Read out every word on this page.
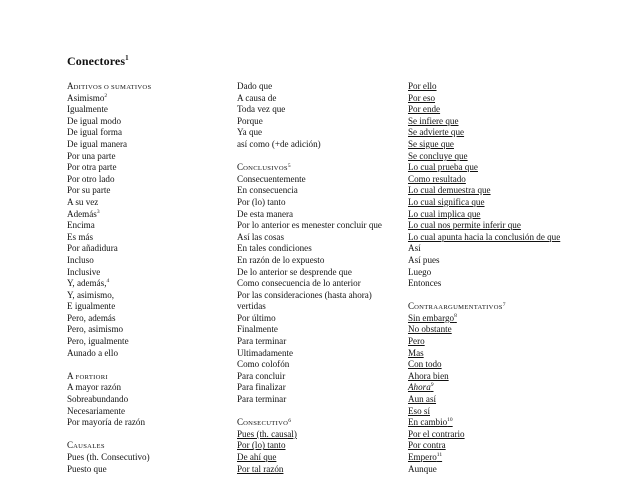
Conectores$^1$
ADITIVOS O SUMATIVOS
Asimismo$^2$
Igualmente
De igual modo
De igual forma
De igual manera
Por una parte
Por otra parte
Por otro lado
Por su parte
A su vez
Además$^3$
Encima
Es más
Por añadidura
Incluso
Inclusive
Y, además,$^4$
Y, asimismo,
E igualmente
Pero, además
Pero, asimismo
Pero, igualmente
Aunado a ello
A FORTIORI
A mayor razón
Sobreabundando
Necesariamente
Por mayoría de razón
CAUSALES
Pues (th. Consecutivo)
Puesto que
Dado que
A causa de
Toda vez que
Porque
Ya que
así como (+de adición)
CONCLUSIVOS$^5$
Consecuentemente
En consecuencia
Por (lo) tanto
De esta manera
Por lo anterior es menester concluir que
Así las cosas
En tales condiciones
En razón de lo expuesto
De lo anterior se desprende que
Como consecuencia de lo anterior
Por las consideraciones (hasta ahora)
vertidas
Por último
Finalmente
Para terminar
Ultimadamente
Como colofón
Para concluir
Para finalizar
Para terminar
CONSECUTIVO$^6$
Pues (th. causal)
Por (lo) tanto
De ahí que
Por tal razón
Por ello
Por eso
Por ende
Se infiere que
Se advierte que
Se sigue que
Se concluye que
Lo cual prueba que
Como resultado
Lo cual demuestra que
Lo cual significa que
Lo cual implica que
Lo cual nos permite inferir que
Lo cual apunta hacia la conclusión de que
Así
Así pues
Luego
Entonces
CONTRAARGUMENTATIVOS$^7$
Sin embargo$^8$
No obstante
Pero
Mas
Con todo
Ahora bien
Ahora$^9$
Aun así
Eso sí
En cambio$^{10}$
Por el contrario
Por contra
Empero$^{11}$
Aunque
